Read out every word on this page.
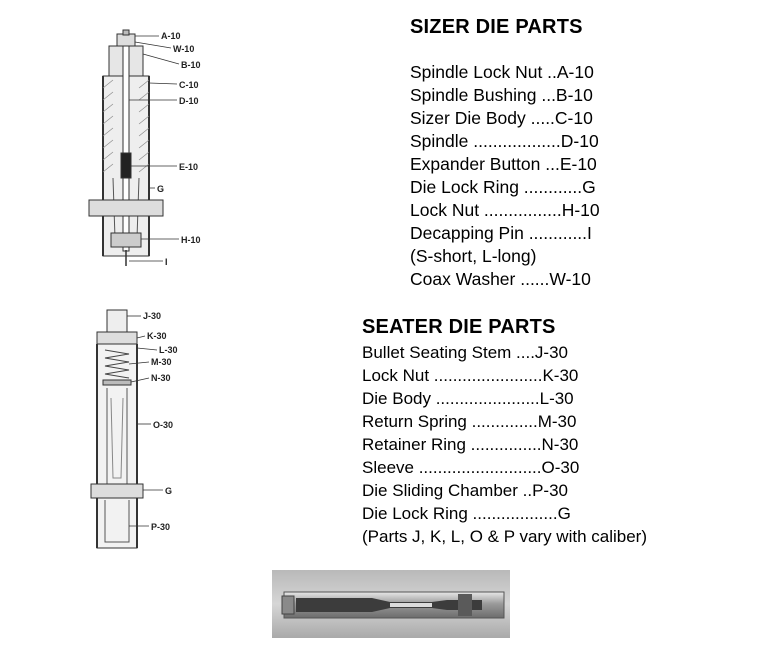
A-10
W-10
B-10
C-10
D-10
E-10
G
H-10
I
J-30
K-30
L-30
M-30
N-30
O-30
G
P-30
SIZER DIE PARTS
Spindle Lock Nut ..A-10
Spindle Bushing ...B-10
Sizer Die Body .....C-10
Spindle ..................D-10
Expander Button ...E-10
Die Lock Ring ............G
Lock Nut ................H-10
Decapping Pin ............I
(S-short, L-long)
Coax Washer ......W-10
SEATER DIE PARTS
Bullet Seating Stem ....J-30
Lock Nut .......................K-30
Die Body ......................L-30
Return Spring ..............M-30
Retainer Ring ...............N-30
Sleeve ..........................O-30
Die Sliding Chamber ..P-30
Die Lock Ring ..................G
(Parts J, K, L, O & P vary with caliber)
